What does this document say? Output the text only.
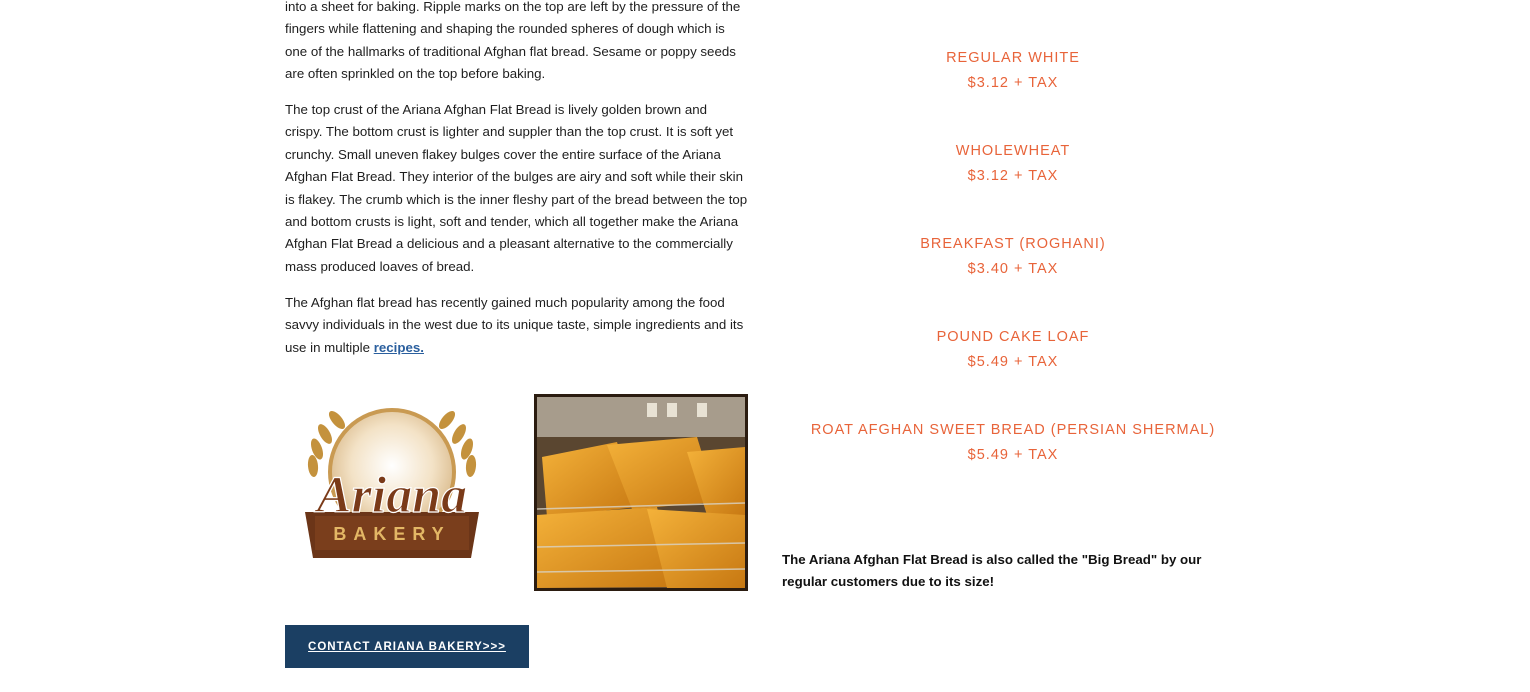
into a sheet for baking. Ripple marks on the top are left by the pressure of the fingers while flattening and shaping the rounded spheres of dough which is one of the hallmarks of traditional Afghan flat bread. Sesame or poppy seeds are often sprinkled on the top before baking.

The top crust of the Ariana Afghan Flat Bread is lively golden brown and crispy. The bottom crust is lighter and suppler than the top crust. It is soft yet crunchy. Small uneven flakey bulges cover the entire surface of the Ariana Afghan Flat Bread. They interior of the bulges are airy and soft while their skin is flakey. The crumb which is the inner fleshy part of the bread between the top and bottom crusts is light, soft and tender, which all together make the Ariana Afghan Flat Bread a delicious and a pleasant alternative to the commercially mass produced loaves of bread.

The Afghan flat bread has recently gained much popularity among the food savvy individuals in the west due to its unique taste, simple ingredients and its use in multiple recipes.

Ariana
BAKERY
CONTACT ARIANA BAKERY>>>
REGULAR WHITE
$3.12 + TAX
WHOLEWHEAT
$3.12 + TAX
BREAKFAST (ROGHANI)
$3.40 + TAX
POUND CAKE LOAF
$5.49 + TAX
ROAT AFGHAN SWEET BREAD (PERSIAN SHERMAL)
$5.49 + TAX

The Ariana Afghan Flat Bread is also called the "Big Bread" by our regular customers due to its size!
